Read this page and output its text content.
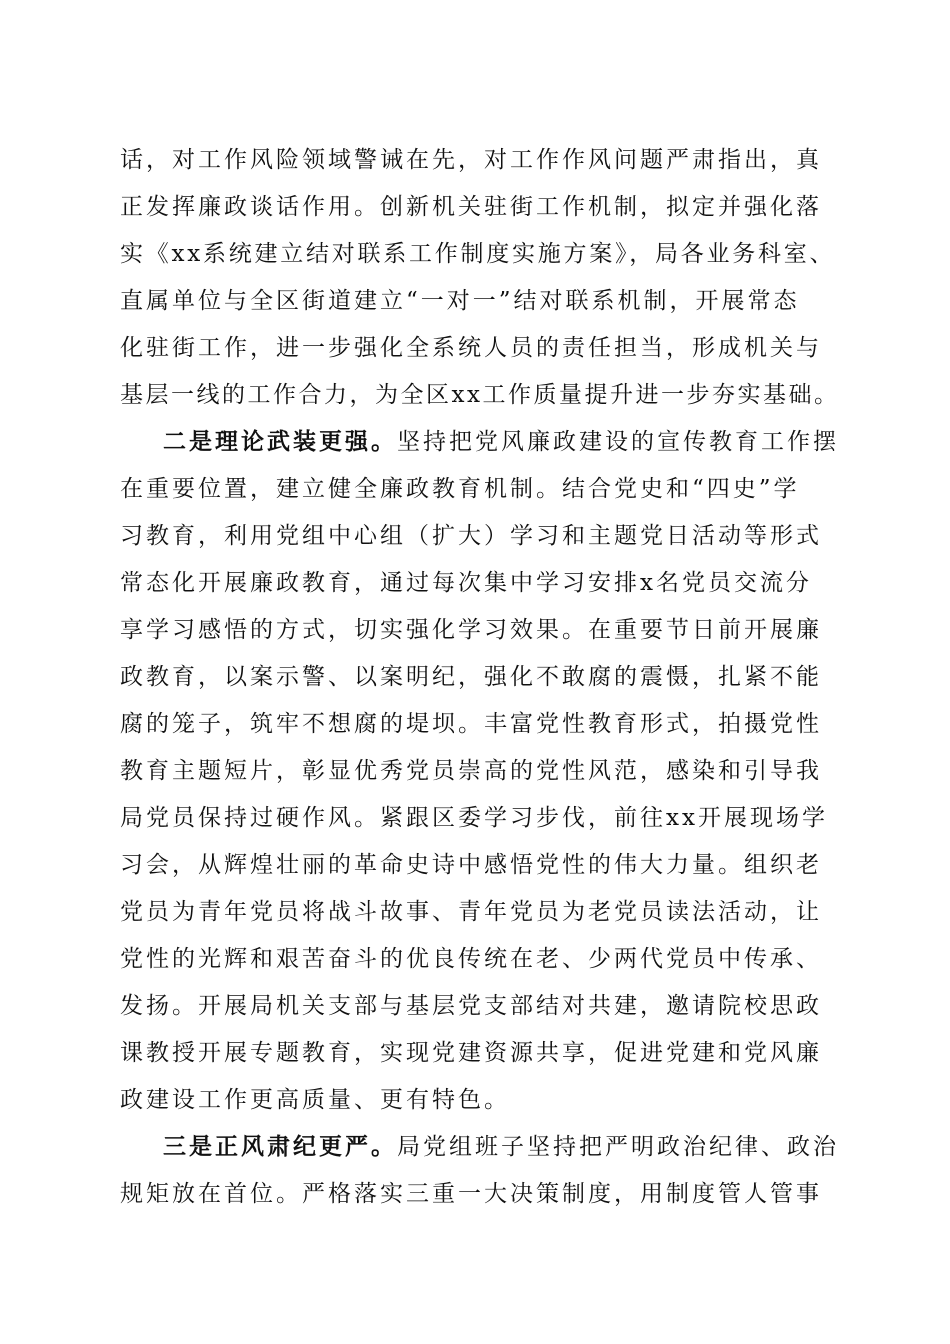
话，对工作风险领域警诫在先，对工作作风问题严肃指出，真
正发挥廉政谈话作用。创新机关驻街工作机制，拟定并强化落
实《xx系统建立结对联系工作制度实施方案》，局各业务科室、
直属单位与全区街道建立“一对一”结对联系机制，开展常态
化驻街工作，进一步强化全系统人员的责任担当，形成机关与
基层一线的工作合力，为全区xx工作质量提升进一步夯实基础。
二是理论武装更强。坚持把党风廉政建设的宣传教育工作摆
在重要位置，建立健全廉政教育机制。结合党史和“四史”学
习教育，利用党组中心组（扩大）学习和主题党日活动等形式
常态化开展廉政教育，通过每次集中学习安排x名党员交流分
享学习感悟的方式，切实强化学习效果。在重要节日前开展廉
政教育，以案示警、以案明纪，强化不敢腐的震慑，扎紧不能
腐的笼子，筑牢不想腐的堤坝。丰富党性教育形式，拍摄党性
教育主题短片，彰显优秀党员崇高的党性风范，感染和引导我
局党员保持过硬作风。紧跟区委学习步伐，前往xx开展现场学
习会，从辉煌壮丽的革命史诗中感悟党性的伟大力量。组织老
党员为青年党员将战斗故事、青年党员为老党员读法活动，让
党性的光辉和艰苦奋斗的优良传统在老、少两代党员中传承、
发扬。开展局机关支部与基层党支部结对共建，邀请院校思政
课教授开展专题教育，实现党建资源共享，促进党建和党风廉
政建设工作更高质量、更有特色。
三是正风肃纪更严。局党组班子坚持把严明政治纪律、政治
规矩放在首位。严格落实三重一大决策制度，用制度管人管事
